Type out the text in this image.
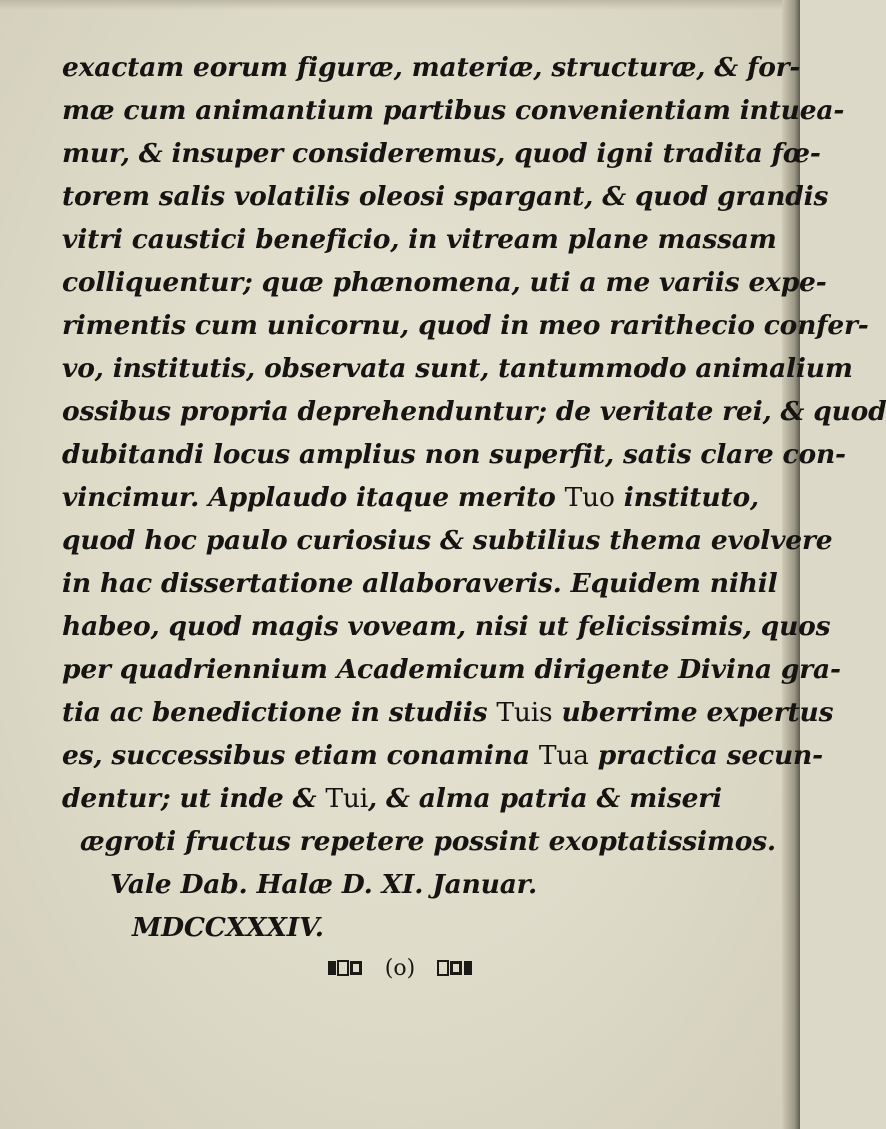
exactam eorum figuræ, materiæ, structuræ, & for-
mæ cum animantium partibus convenientiam intuea-
mur, & insuper consideremus, quod igni tradita fœ-
torem salis volatilis oleosi spargant, & quod grandis
vitri caustici beneficio, in vitream plane massam
colliquentur; quæ phænomena, uti a me variis expe-
rimentis cum unicornu, quod in meo rarithecio confer-
vo, institutis, observata sunt, tantummodo animalium
ossibus propria deprehenduntur; de veritate rei, & quod
dubitandi locus amplius non superfit, satis clare con-
vincimur. Applaudo itaque merito Tuo instituto,
quod hoc paulo curiosius & subtilius thema evolvere
in hac dissertatione allaboraveris. Equidem nihil
habeo, quod magis voveam, nisi ut felicissimis, quos
per quadriennium Academicum dirigente Divina gra-
tia ac benedictione in studiis Tuis uberrime expertus
es, successibus etiam conamina Tua practica secun-
dentur; ut inde & Tui, & alma patria & miseri
ægroti fructus repetere possint exoptatissimos.
Vale Dab. Halæ D. XI. Januar.
MDCCXXXIV.
(o)
